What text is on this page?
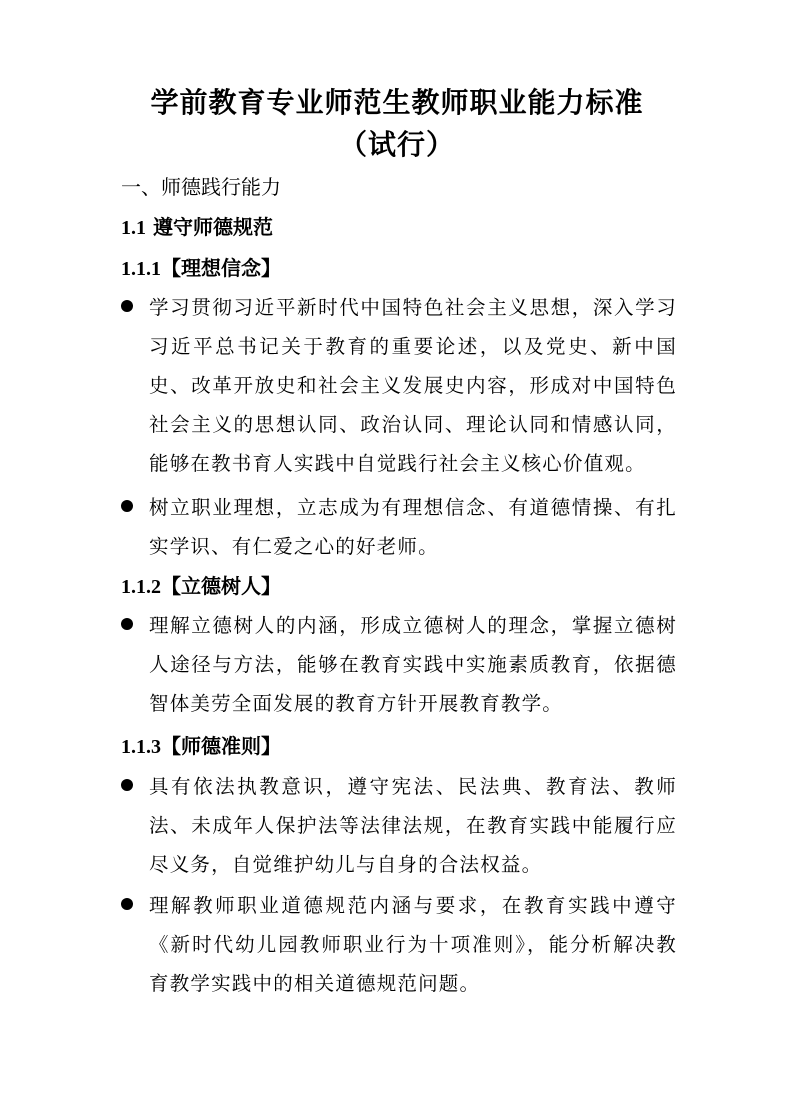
学前教育专业师范生教师职业能力标准
（试行）
一、师德践行能力
1.1 遵守师德规范
1.1.1【理想信念】
学习贯彻习近平新时代中国特色社会主义思想，深入学习习近平总书记关于教育的重要论述，以及党史、新中国史、改革开放史和社会主义发展史内容，形成对中国特色社会主义的思想认同、政治认同、理论认同和情感认同，能够在教书育人实践中自觉践行社会主义核心价值观。
树立职业理想，立志成为有理想信念、有道德情操、有扎实学识、有仁爱之心的好老师。
1.1.2【立德树人】
理解立德树人的内涵，形成立德树人的理念，掌握立德树人途径与方法，能够在教育实践中实施素质教育，依据德智体美劳全面发展的教育方针开展教育教学。
1.1.3【师德准则】
具有依法执教意识，遵守宪法、民法典、教育法、教师法、未成年人保护法等法律法规，在教育实践中能履行应尽义务，自觉维护幼儿与自身的合法权益。
理解教师职业道德规范内涵与要求，在教育实践中遵守《新时代幼儿园教师职业行为十项准则》，能分析解决教育教学实践中的相关道德规范问题。
